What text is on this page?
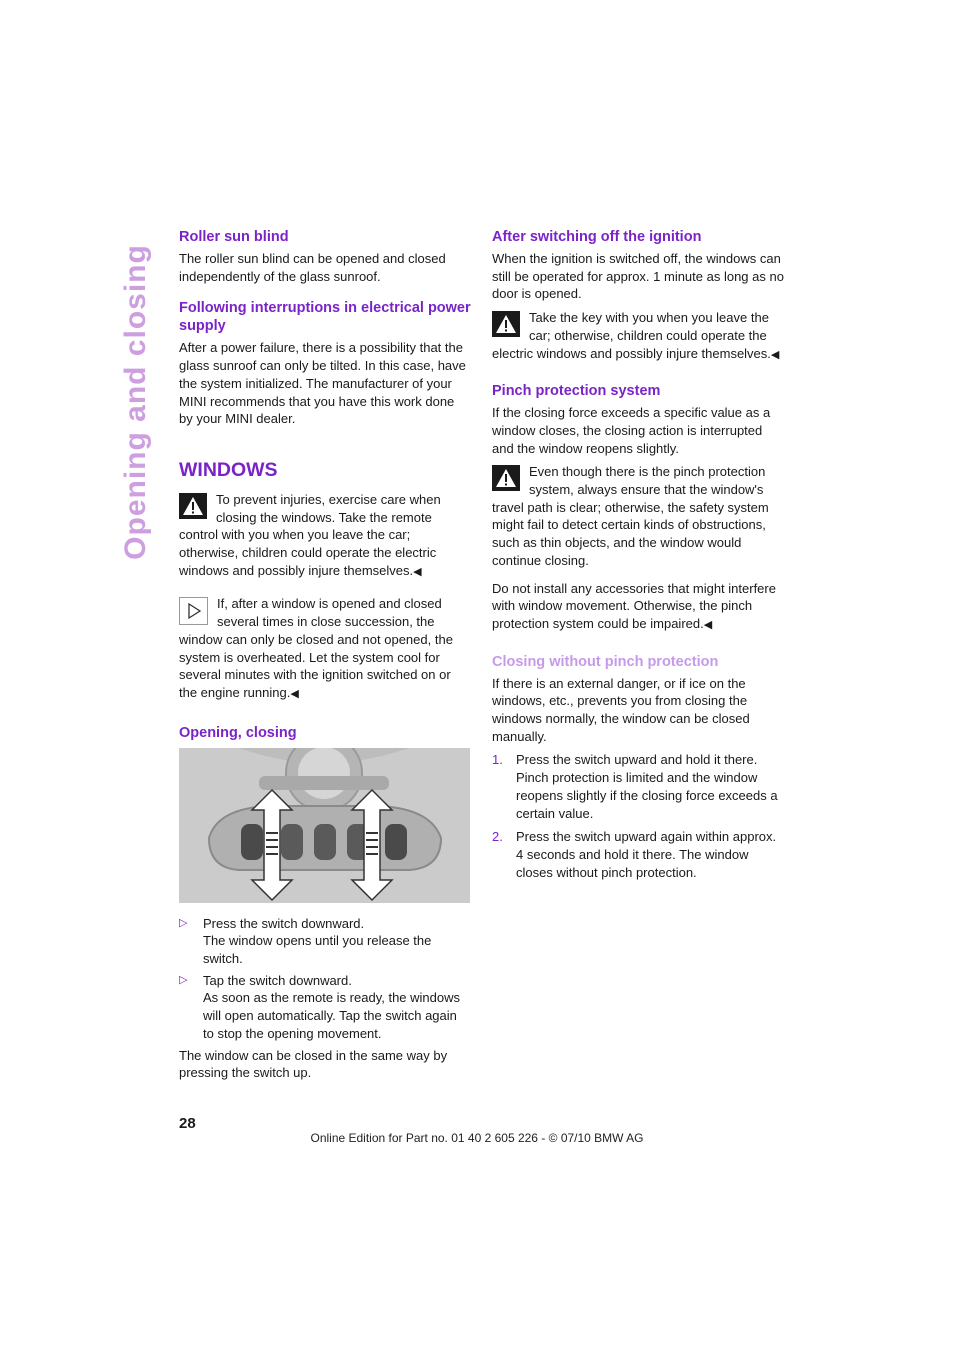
Opening and closing
Roller sun blind

The roller sun blind can be opened and closed independently of the glass sunroof.

Following interruptions in electrical power supply

After a power failure, there is a possibility that the glass sunroof can only be tilted. In this case, have the system initialized. The manufacturer of your MINI recommends that you have this work done by your MINI dealer.

WINDOWS
To prevent injuries, exercise care when closing the windows. Take the remote control with you when you leave the car; otherwise, children could operate the electric windows and possibly injure themselves.◀
If, after a window is opened and closed several times in close succession, the window can only be closed and not opened, the system is overheated. Let the system cool for several minutes with the ignition switched on or the engine running.◀
Opening, closing
▷ Press the switch downward.
The window opens until you release the switch.
▷ Tap the switch downward.
As soon as the remote is ready, the windows will open automatically. Tap the switch again to stop the opening movement.

The window can be closed in the same way by pressing the switch up.

After switching off the ignition

When the ignition is switched off, the windows can still be operated for approx. 1 minute as long as no door is opened.

Take the key with you when you leave the car; otherwise, children could operate the electric windows and possibly injure themselves.◀
Pinch protection system

If the closing force exceeds a specific value as a window closes, the closing action is interrupted and the window reopens slightly.

Even though there is the pinch protection system, always ensure that the window's travel path is clear; otherwise, the safety system might fail to detect certain kinds of obstructions, such as thin objects, and the window would continue closing.

Do not install any accessories that might interfere with window movement. Otherwise, the pinch protection system could be impaired.◀

Closing without pinch protection

If there is an external danger, or if ice on the windows, etc., prevents you from closing the windows normally, the window can be closed manually.

1. Press the switch upward and hold it there.
Pinch protection is limited and the window reopens slightly if the closing force exceeds a certain value.
2. Press the switch upward again within approx. 4 seconds and hold it there. The window closes without pinch protection.
28
Online Edition for Part no. 01 40 2 605 226 - © 07/10 BMW AG
